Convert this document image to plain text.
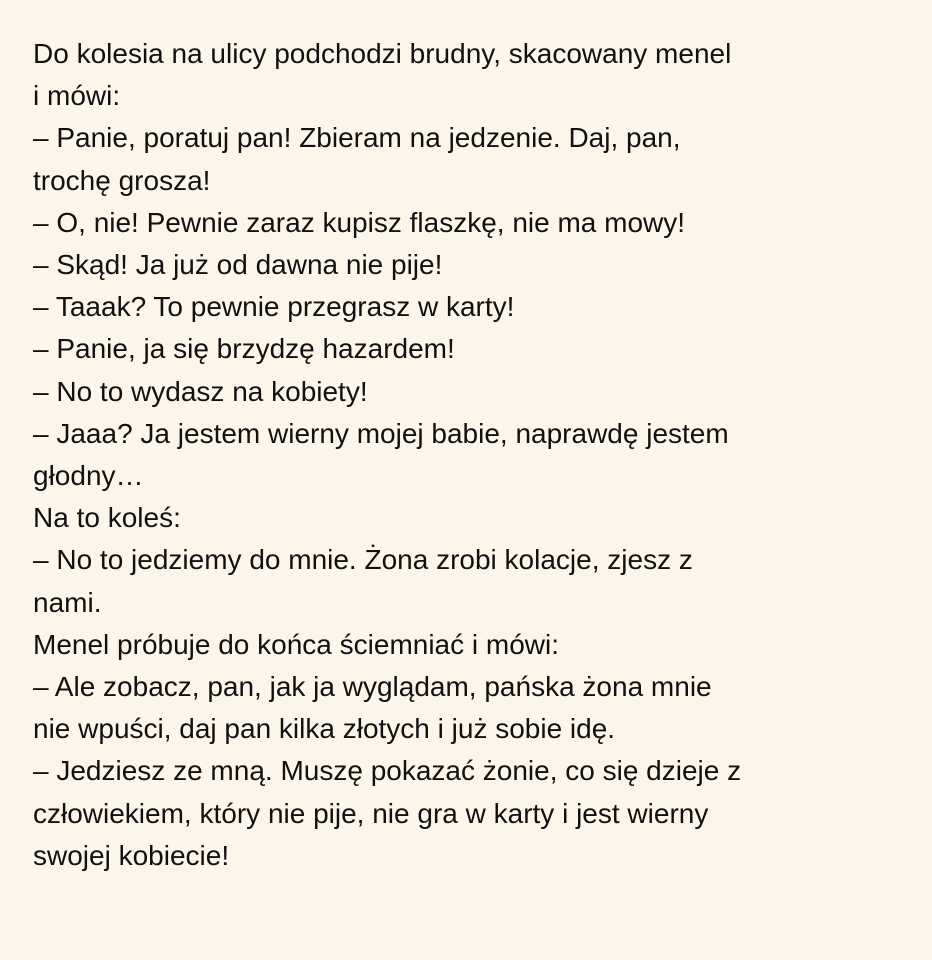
Do kolesia na ulicy podchodzi brudny, skacowany menel
i mówi:
– Panie, poratuj pan! Zbieram na jedzenie. Daj, pan,
trochę grosza!
– O, nie! Pewnie zaraz kupisz flaszkę, nie ma mowy!
– Skąd! Ja już od dawna nie pije!
– Taaak? To pewnie przegrasz w karty!
– Panie, ja się brzydzę hazardem!
– No to wydasz na kobiety!
– Jaaa? Ja jestem wierny mojej babie, naprawdę jestem
głodny…
Na to koleś:
– No to jedziemy do mnie. Żona zrobi kolacje, zjesz z
nami.
Menel próbuje do końca ściemniać i mówi:
– Ale zobacz, pan, jak ja wyglądam, pańska żona mnie
nie wpuści, daj pan kilka złotych i już sobie idę.
– Jedziesz ze mną. Muszę pokazać żonie, co się dzieje z
człowiekiem, który nie pije, nie gra w karty i jest wierny
swojej kobiecie!
